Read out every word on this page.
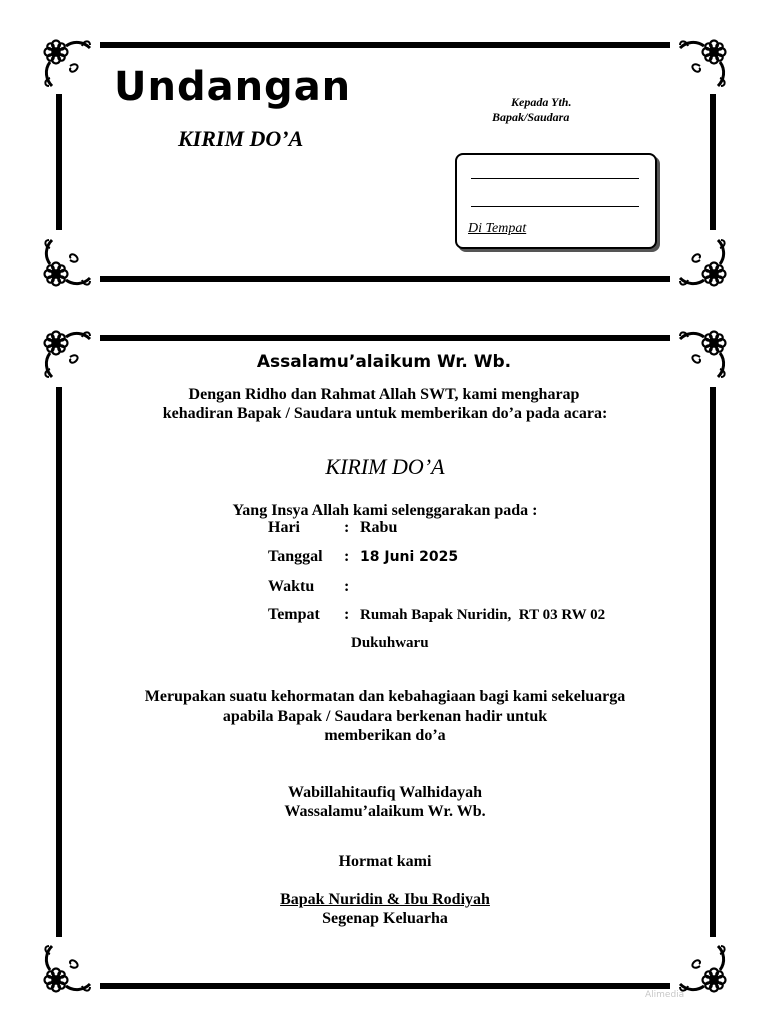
Undangan
KIRIM DO’A
Kepada Yth.
Bapak/Saudara
Di Tempat
Assalamu’alaikum Wr. Wb.
Dengan Ridho dan Rahmat Allah SWT, kami mengharap
kehadiran Bapak / Saudara untuk memberikan do’a pada acara:
KIRIM DO’A
Yang Insya Allah kami selenggarakan pada :
Hari	: Rabu
Tanggal : 18 Juni 2025
Waktu :
Tempat : Rumah Bapak Nuridin,  RT 03 RW 02
Dukuhwaru
Merupakan suatu kehormatan dan kebahagiaan bagi kami sekeluarga
apabila Bapak / Saudara berkenan hadir untuk
memberikan do’a
Wabillahitaufiq Walhidayah
Wassalamu’alaikum Wr. Wb.
Hormat kami
Bapak Nuridin & Ibu Rodiyah
Segenap Keluarha
Alimedia
